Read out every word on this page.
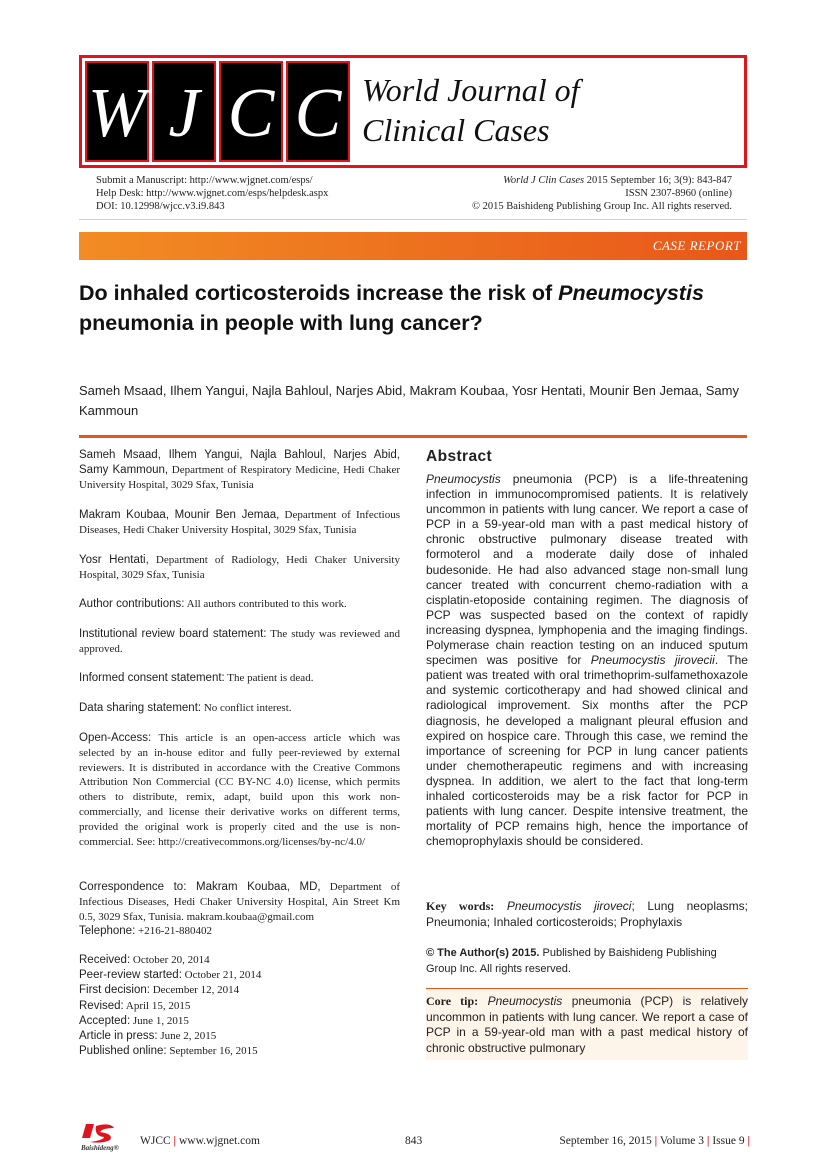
W J C C World Journal of
Clinical Cases
Submit a Manuscript: http://www.wjgnet.com/esps/
Help Desk: http://www.wjgnet.com/esps/helpdesk.aspx
DOI: 10.12998/wjcc.v3.i9.843
World J Clin Cases 2015 September 16; 3(9): 843-847
ISSN 2307-8960 (online)
© 2015 Baishideng Publishing Group Inc. All rights reserved.
CASE REPORT
Do inhaled corticosteroids increase the risk of Pneumocystis
pneumonia in people with lung cancer?
Sameh Msaad, Ilhem Yangui, Najla Bahloul, Narjes Abid, Makram Koubaa, Yosr Hentati, Mounir Ben Jemaa, Samy Kammoun
Sameh Msaad, Ilhem Yangui, Najla Bahloul, Narjes Abid, Samy Kammoun, Department of Respiratory Medicine, Hedi Chaker University Hospital, 3029 Sfax, Tunisia
Makram Koubaa, Mounir Ben Jemaa, Department of Infectious Diseases, Hedi Chaker University Hospital, 3029 Sfax, Tunisia
Yosr Hentati, Department of Radiology, Hedi Chaker University Hospital, 3029 Sfax, Tunisia
Author contributions: All authors contributed to this work.
Institutional review board statement: The study was reviewed and approved.
Informed consent statement: The patient is dead.
Data sharing statement: No conflict interest.
Open-Access: This article is an open-access article which was selected by an in-house editor and fully peer-reviewed by external reviewers. It is distributed in accordance with the Creative Commons Attribution Non Commercial (CC BY-NC 4.0) license, which permits others to distribute, remix, adapt, build upon this work non-commercially, and license their derivative works on different terms, provided the original work is properly cited and the use is non-commercial. See: http://creativecommons.org/licenses/by-nc/4.0/
Correspondence to: Makram Koubaa, MD, Department of Infectious Diseases, Hedi Chaker University Hospital, Ain Street Km 0.5, 3029 Sfax, Tunisia. makram.koubaa@gmail.com
Telephone: +216-21-880402
Received: October 20, 2014
Peer-review started: October 21, 2014
First decision: December 12, 2014
Revised: April 15, 2015
Accepted: June 1, 2015
Article in press: June 2, 2015
Published online: September 16, 2015
Abstract
Pneumocystis pneumonia (PCP) is a life-threatening infection in immunocompromised patients. It is relatively uncommon in patients with lung cancer. We report a case of PCP in a 59-year-old man with a past medical history of chronic obstructive pulmonary disease treated with formoterol and a moderate daily dose of inhaled budesonide. He had also advanced stage non-small lung cancer treated with concurrent chemo-radiation with a cisplatin-etoposide containing regimen. The diagnosis of PCP was suspected based on the context of rapidly increasing dyspnea, lymphopenia and the imaging findings. Polymerase chain reaction testing on an induced sputum specimen was positive for Pneumocystis jirovecii. The patient was treated with oral trimethoprim-sulfamethoxazole and systemic corticotherapy and had showed clinical and radiological improvement. Six months after the PCP diagnosis, he developed a malignant pleural effusion and expired on hospice care. Through this case, we remind the importance of screening for PCP in lung cancer patients under chemotherapeutic regimens and with increasing dyspnea. In addition, we alert to the fact that long-term inhaled corticosteroids may be a risk factor for PCP in patients with lung cancer. Despite intensive treatment, the mortality of PCP remains high, hence the importance of chemoprophylaxis should be considered.
Key words: Pneumocystis jiroveci; Lung neoplasms; Pneumonia; Inhaled corticosteroids; Prophylaxis
© The Author(s) 2015. Published by Baishideng Publishing Group Inc. All rights reserved.
Core tip: Pneumocystis pneumonia (PCP) is relatively uncommon in patients with lung cancer. We report a case of PCP in a 59-year-old man with a past medical history of chronic obstructive pulmonary
Baishideng®
WJCC | www.wjgnet.com	843	September 16, 2015 | Volume 3 | Issue 9 |
